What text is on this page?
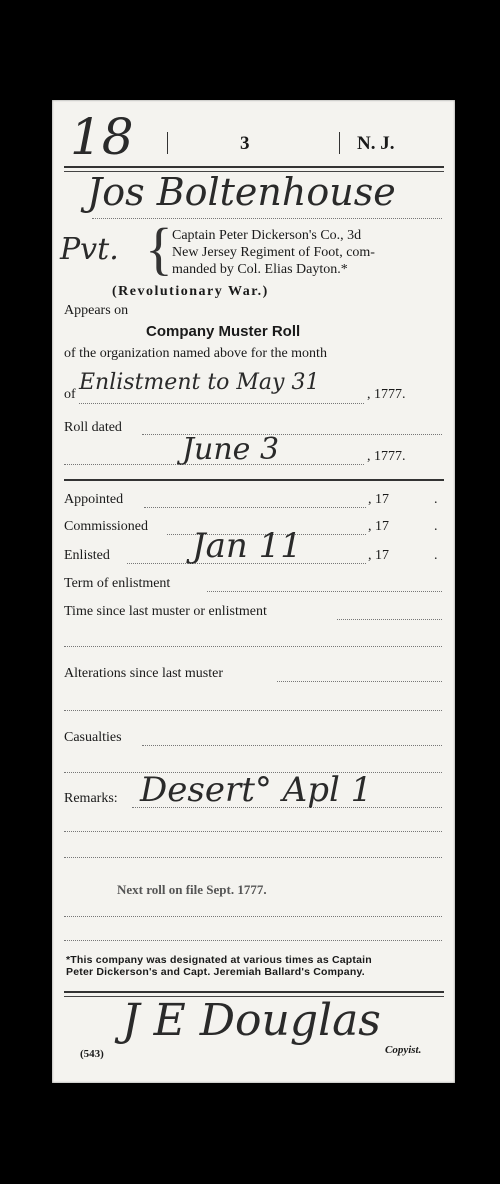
18	3	N. J.
Jos Boltenhouse
Pvt. { Captain Peter Dickerson's Co., 3d
New Jersey Regiment of Foot, com-
manded by Col. Elias Dayton.*
(Revolutionary War.)
Appears on
Company Muster Roll
of the organization named above for the month
of Enlistment to May 31	, 1777.
Roll dated
June 3	, 1777.
Appointed	, 17	.
Commissioned	, 17	.
Enlisted Jan 11	, 17	.
Term of enlistment
Time since last muster or enlistment
Alterations since last muster
Casualties
Remarks: Desert° Apl 1
Next roll on file Sept. 1777.
*This company was designated at various times as Captain
Peter Dickerson's and Capt. Jeremiah Ballard's Company.
J E Douglas
(543)	Copyist.
